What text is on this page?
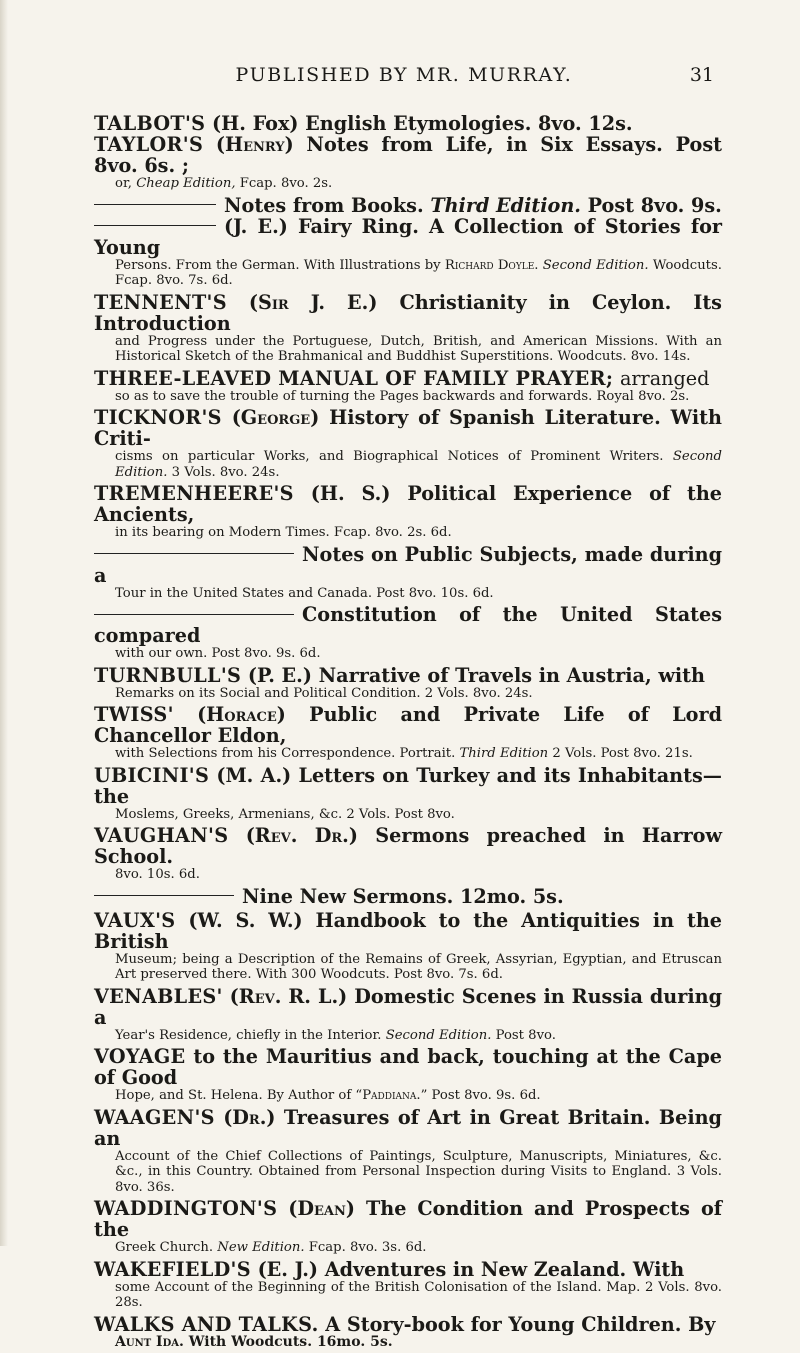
PUBLISHED BY MR. MURRAY.	31

TALBOT'S (H. Fox) English Etymologies. 8vo. 12s.

TAYLOR'S (Henry) Notes from Life, in Six Essays. Post 8vo. 6s. ;

or, Cheap Edition, Fcap. 8vo. 2s.

Notes from Books. Third Edition. Post 8vo. 9s.

(J. E.) Fairy Ring. A Collection of Stories for Young

Persons. From the German. With Illustrations by Richard Doyle. Second Edition. Woodcuts. Fcap. 8vo. 7s. 6d.

TENNENT'S (Sir J. E.) Christianity in Ceylon. Its Introduction

and Progress under the Portuguese, Dutch, British, and American Missions. With an Historical Sketch of the Brahmanical and Buddhist Superstitions. Woodcuts. 8vo. 14s.

THREE-LEAVED MANUAL OF FAMILY PRAYER; arranged

so as to save the trouble of turning the Pages backwards and forwards. Royal 8vo. 2s.

TICKNOR'S (George) History of Spanish Literature. With Criti-

cisms on particular Works, and Biographical Notices of Prominent Writers. Second Edition. 3 Vols. 8vo. 24s.

TREMENHEERE'S (H. S.) Political Experience of the Ancients,

in its bearing on Modern Times. Fcap. 8vo. 2s. 6d.

Notes on Public Subjects, made during a

Tour in the United States and Canada. Post 8vo. 10s. 6d.

Constitution of the United States compared

with our own. Post 8vo. 9s. 6d.

TURNBULL'S (P. E.) Narrative of Travels in Austria, with

Remarks on its Social and Political Condition. 2 Vols. 8vo. 24s.

TWISS' (Horace) Public and Private Life of Lord Chancellor Eldon,

with Selections from his Correspondence. Portrait. Third Edition 2 Vols. Post 8vo. 21s.

UBICINI'S (M. A.) Letters on Turkey and its Inhabitants—the

Moslems, Greeks, Armenians, &c. 2 Vols. Post 8vo.

VAUGHAN'S (Rev. Dr.) Sermons preached in Harrow School.

8vo. 10s. 6d.

Nine New Sermons. 12mo. 5s.

VAUX'S (W. S. W.) Handbook to the Antiquities in the British

Museum; being a Description of the Remains of Greek, Assyrian, Egyptian, and Etruscan Art preserved there. With 300 Woodcuts. Post 8vo. 7s. 6d.

VENABLES' (Rev. R. L.) Domestic Scenes in Russia during a

Year's Residence, chiefly in the Interior. Second Edition. Post 8vo.

VOYAGE to the Mauritius and back, touching at the Cape of Good

Hope, and St. Helena. By Author of “Paddiana.” Post 8vo. 9s. 6d.

WAAGEN'S (Dr.) Treasures of Art in Great Britain. Being an

Account of the Chief Collections of Paintings, Sculpture, Manuscripts, Miniatures, &c. &c., in this Country. Obtained from Personal Inspection during Visits to England. 3 Vols. 8vo. 36s.

WADDINGTON'S (Dean) The Condition and Prospects of the

Greek Church. New Edition. Fcap. 8vo. 3s. 6d.

WAKEFIELD'S (E. J.) Adventures in New Zealand. With

some Account of the Beginning of the British Colonisation of the Island. Map. 2 Vols. 8vo. 28s.

WALKS AND TALKS. A Story-book for Young Children. By

Aunt Ida. With Woodcuts. 16mo. 5s.
